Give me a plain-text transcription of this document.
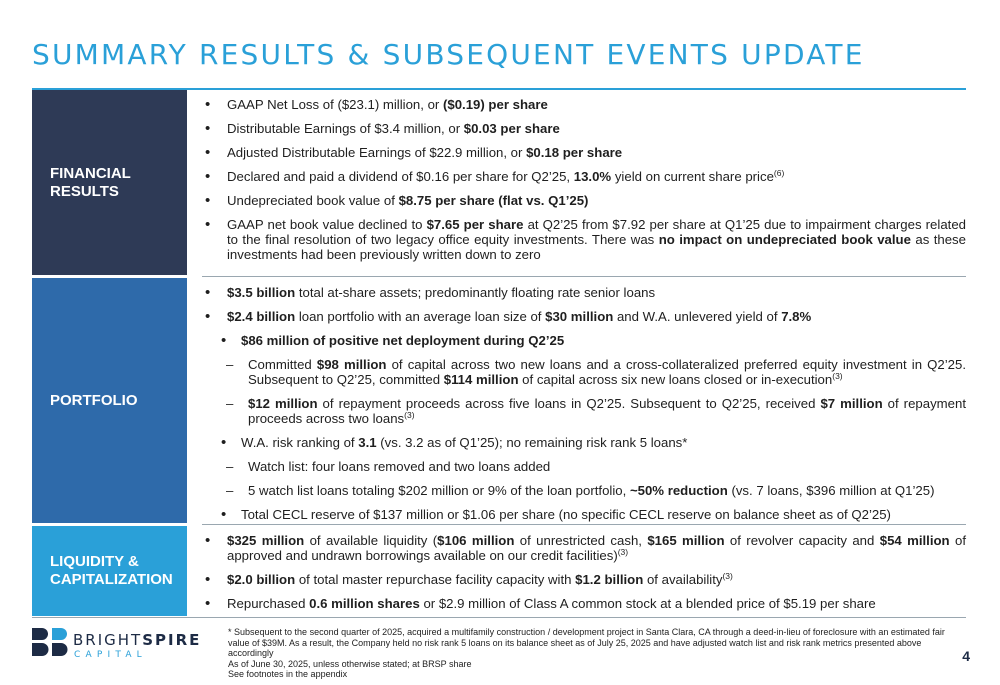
SUMMARY RESULTS & SUBSEQUENT EVENTS UPDATE
FINANCIAL
RESULTS
• GAAP Net Loss of ($23.1) million, or ($0.19) per share
• Distributable Earnings of $3.4 million, or $0.03 per share
• Adjusted Distributable Earnings of $22.9 million, or $0.18 per share
• Declared and paid a dividend of $0.16 per share for Q2’25, 13.0% yield on current share price$^{(6)}$
• Undepreciated book value of $8.75 per share (flat vs. Q1’25)
• GAAP net book value declined to $7.65 per share at Q2’25 from $7.92 per share at Q1’25 due to impairment charges related to the final resolution of two legacy office equity investments. There was no impact on undepreciated book value as these investments had been previously written down to zero
PORTFOLIO
• $3.5 billion total at-share assets; predominantly floating rate senior loans
• $2.4 billion loan portfolio with an average loan size of $30 million and W.A. unlevered yield of 7.8%
• $86 million of positive net deployment during Q2’25
– Committed $98 million of capital across two new loans and a cross-collateralized preferred equity investment in Q2’25. Subsequent to Q2’25, committed $114 million of capital across six new loans closed or in-execution$^{(3)}$
– $12 million of repayment proceeds across five loans in Q2’25. Subsequent to Q2’25, received $7 million of repayment proceeds across two loans$^{(3)}$
• W.A. risk ranking of 3.1 (vs. 3.2 as of Q1’25); no remaining risk rank 5 loans*
– Watch list: four loans removed and two loans added
– 5 watch list loans totaling $202 million or 9% of the loan portfolio, ~50% reduction (vs. 7 loans, $396 million at Q1’25)
• Total CECL reserve of $137 million or $1.06 per share (no specific CECL reserve on balance sheet as of Q2’25)
LIQUIDITY &
CAPITALIZATION
• $325 million of available liquidity ($106 million of unrestricted cash, $165 million of revolver capacity and $54 million of approved and undrawn borrowings available on our credit facilities)$^{(3)}$
• $2.0 billion of total master repurchase facility capacity with $1.2 billion of availability$^{(3)}$
• Repurchased 0.6 million shares or $2.9 million of Class A common stock at a blended price of $5.19 per share
BRIGHTSPIRE
CAPITAL
* Subsequent to the second quarter of 2025, acquired a multifamily construction / development project in Santa Clara, CA through a deed-in-lieu of foreclosure with an estimated fair value of $39M. As a result, the Company held no risk rank 5 loans on its balance sheet as of July 25, 2025 and have adjusted watch list and risk rank metrics presented above accordingly
As of June 30, 2025, unless otherwise stated; at BRSP share
See footnotes in the appendix
4
